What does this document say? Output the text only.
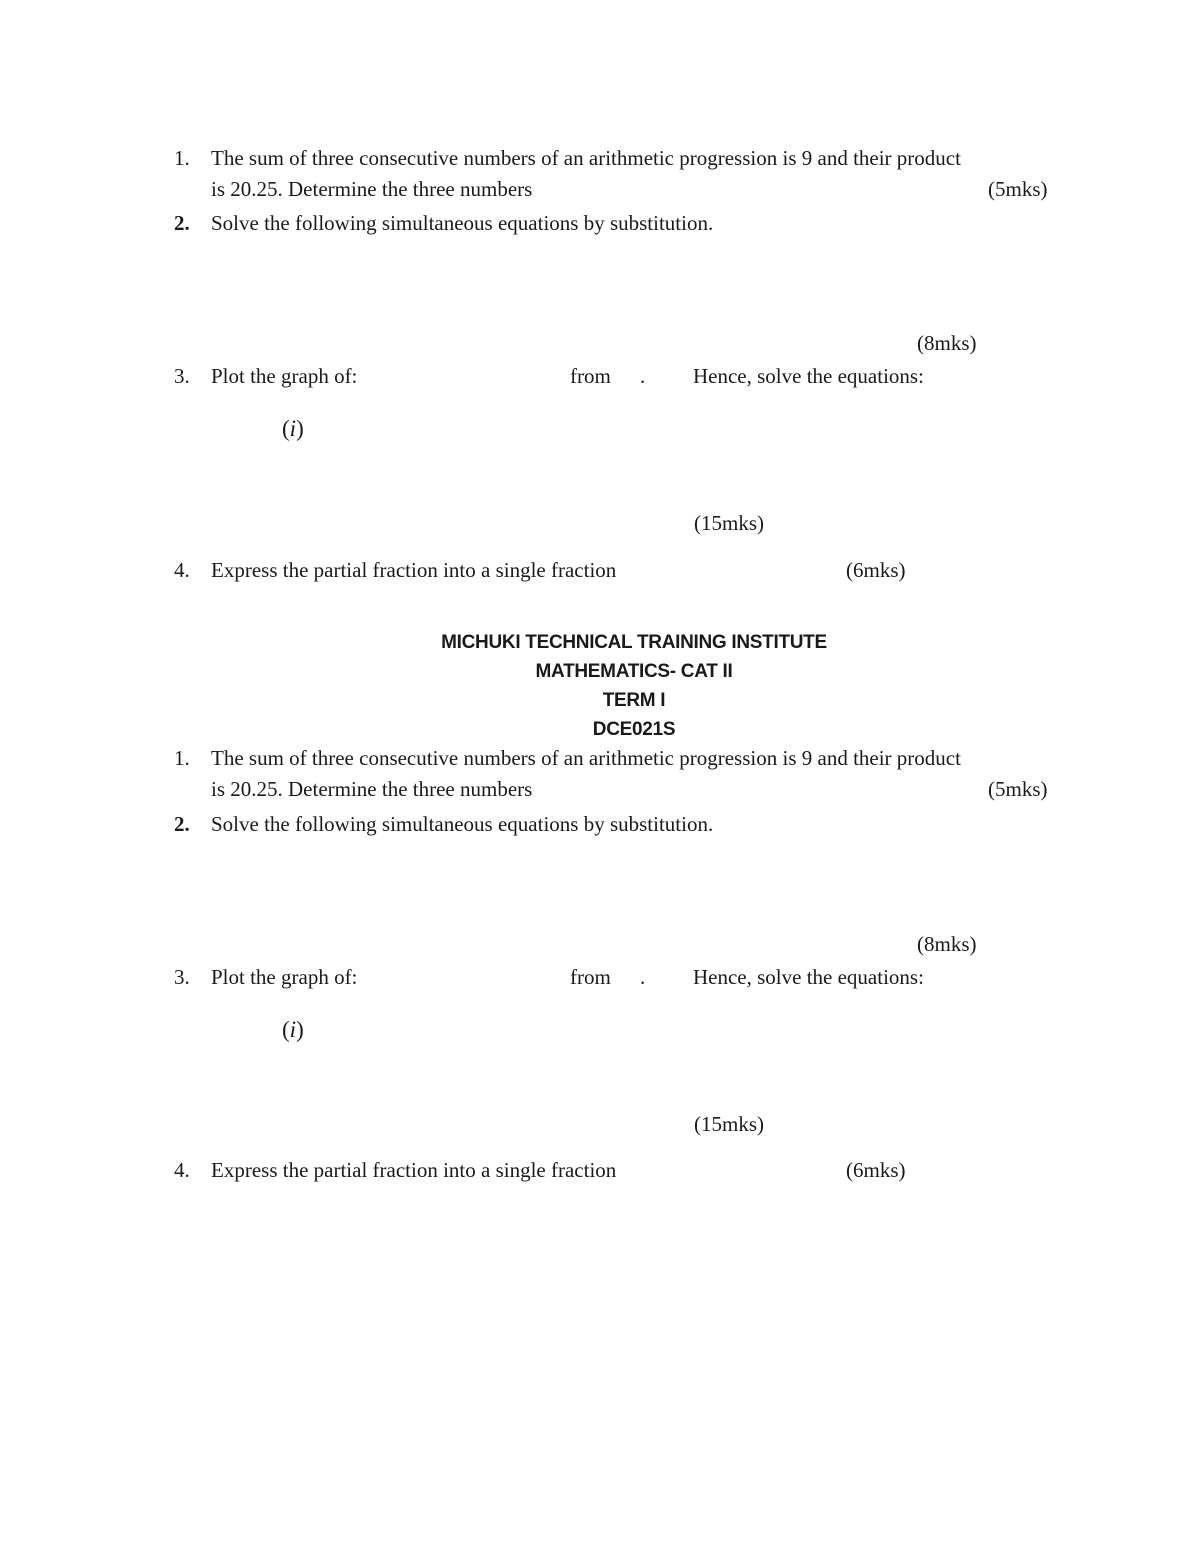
1. The sum of three consecutive numbers of an arithmetic progression is 9 and their product
is 20.25. Determine the three numbers	(5mks)
2. Solve the following simultaneous equations by substitution.
(8mks)
3. Plot the graph of:	from . Hence, solve the equations:
(i)
(15mks)
4. Express the partial fraction into a single fraction	(6mks)
MICHUKI TECHNICAL TRAINING INSTITUTE
MATHEMATICS- CAT II
TERM I
DCE021S
1. The sum of three consecutive numbers of an arithmetic progression is 9 and their product
is 20.25. Determine the three numbers	(5mks)
2. Solve the following simultaneous equations by substitution.
(8mks)
3. Plot the graph of:	from . Hence, solve the equations:
(i)
(15mks)
4. Express the partial fraction into a single fraction	(6mks)
